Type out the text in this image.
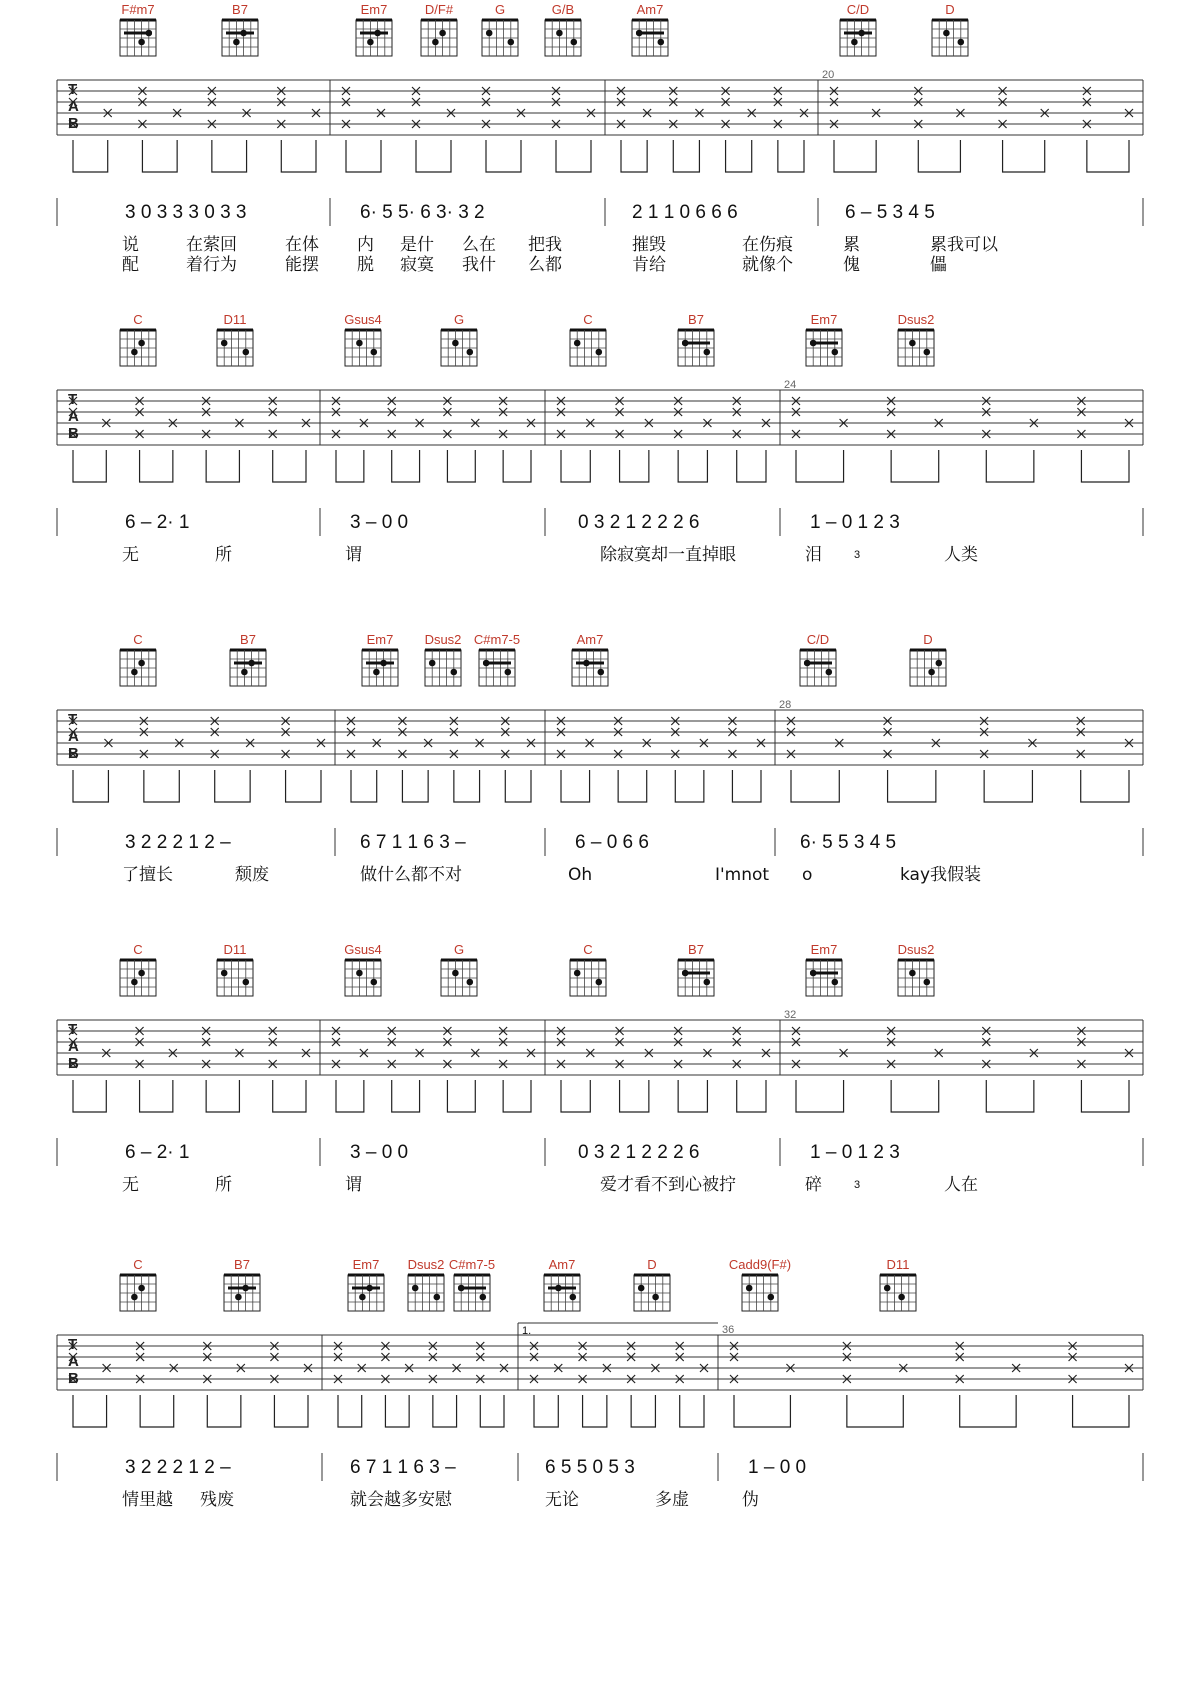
F#m7	B7	Em7	D/F#	G	G/B	Am7	C/D	D
T
A
B
20
3 0 3 3 3 0 3 3	6· 5 5· 6 3· 3 2	2 1 1 0 6 6 6	6 – 5 3 4 5
说	在萦回	在体 内 是什 么在 把我	摧毁	在伤痕	累	累我可以
配	着行为	能摆 脱 寂寞 我什 么都	肯给	就像个	傀	儡
C	D11	Gsus4	G	C	B7	Em7	Dsus2
T
A
B
24
6 – 2· 1	3 – 0 0	0 3 2 1 2 2 2 6	1 – 0 1 2 3
3
无	所	谓	寂寞却一直掉眼	泪	人类
除
C	B7	Em7 Dsus2 C#m7-5	Am7	C/D	D
T
A
B
28
3 2 2 2 1 2 –	6 7 1 1 6 3 –	6 – 0 6 6	6· 5 5 3 4 5
了擅长	颓废	做什么都不对	Oh	I'mnot o	kay我假装
C	D11	Gsus4	G	C	B7	Em7	Dsus2
T
A
B
32
6 – 2· 1	3 – 0 0	0 3 2 1 2 2 2 6	1 – 0 1 2 3
3
无	所	谓	才看不到心被拧	碎	人在
爱
C	B7	Em7 Dsus2 C#m7-5	Am7	D	Cadd9(F#)	D11
T
A
B
36
1.
3 2 2 2 1 2 –	6 7 1 1 6 3 –	6 5 5 0 5 3	1 – 0 0
情里越 残废	就会越多安慰	无论	多虚	伪
